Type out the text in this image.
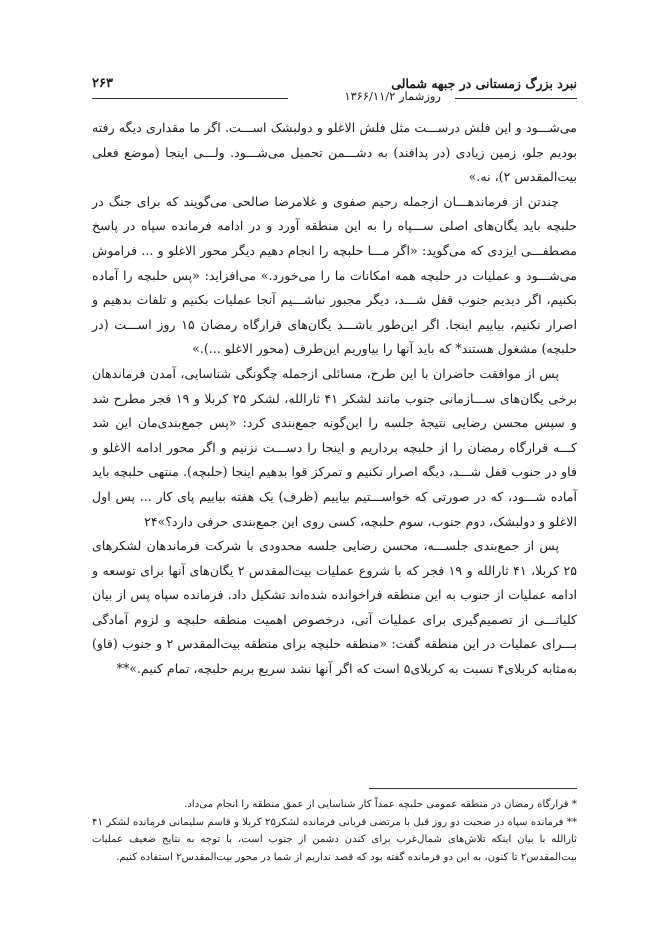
نبرد بزرگ زمستانی در جبهه شمالی
روزشمار ۱۳۶۶/۱۱/۲
۲۶۳

می‌شـــود و این فلش درســـت مثل فلش الاغلو و دولبشک اســـت. اگر ما مقداری دیگه رفته بودیم جلو، زمین زیادی (در پدافند) به دشـــمن تحمیل می‌شـــود. ولـــی اینجا (موضع فعلی بیت‌المقدس ۲)، نه.»

چندتن از فرماندهـــان ازجمله رحیم صفوی و غلامرضا صالحی می‌گویند که برای جنگ در حلبچه باید یگان‌های اصلی ســـپاه را به این منطقه آورد و در ادامه فرمانده سپاه در پاسخ مصطفـــی ایزدی که می‌گوید: «اگر مـــا حلبچه را انجام دهیم دیگر محور الاغلو و ... فراموش می‌شـــود و عملیات در حلبچه همه امکانات ما را می‌خورد.» می‌افزاید: «پس حلبچه را آماده بکنیم، اگر دیدیم جنوب قفل شـــد، دیگر مجبور نباشـــیم آنجا عملیات بکنیم و تلفات بدهیم و اصرار نکنیم، بیاییم اینجا. اگر این‌طور باشـــد یگان‌های قرارگاه رمضان ۱۵ روز اســـت (در حلبچه) مشغول هستند* که باید آنها را بیاوریم این‌طرف (محور الاغلو ...).»

پس از موافقت حاضران با این طرح، مسائلی ازجمله چگونگی شناسایی، آمدن فرماندهان برخی یگان‌های ســـازمانی جنوب مانند لشکر ۴۱ ثارالله، لشکر ۲۵ کربلا و ۱۹ فجر مطرح شد و سپس محسن رضایی نتیجهٔ جلسه را این‌گونه جمع‌بندی کرد: «پس جمع‌بندی‌مان این شد کـــه قرارگاه رمضان را از حلبچه برداریم و اینجا را دســـت نزنیم و اگر محور ادامه الاغلو و فاو در جنوب قفل شـــد، دیگه اصرار نکنیم و تمرکز قوا بدهیم اینجا (حلبچه). منتهی حلبچه باید آماده شـــود، که در صورتی که خواســـتیم بیاییم (ظرف) یک هفته بیاییم پای کار ... پس اول الاغلو و دولبشک، دوم جنوب، سوم حلبچه، کسی روی این جمع‌بندی حرفی دارد؟»۲۴

پس از جمع‌بندی جلســـه، محسن رضایی جلسه محدودی با شرکت فرماندهان لشکرهای ۲۵ کربلا، ۴۱ ثارالله و ۱۹ فجر که با شروع عملیات بیت‌المقدس ۲ یگان‌های آنها برای توسعه و ادامه عملیات از جنوب به این منطقه فراخوانده شده‌اند تشکیل داد. فرمانده سپاه پس از بیان کلیاتـــی از تصمیم‌گیری برای عملیات آتی، درخصوص اهمیت منطقه حلبچه و لزوم آمادگی بـــرای عملیات در این منطقه گفت: «منطقه حلبچه برای منطقه بیت‌المقدس ۲ و جنوب (فاو) به‌مثابه کربلای۴ نسبت به کربلای۵ است که اگر آنها نشد سریع بریم حلبچه، تمام کنیم.»**

* قرارگاه رمضان در منطقه عمومی حلبچه عمداً کار شناسایی از عمق منطقه را انجام می‌داد.

** فرمانده سپاه در صحبت دو روز قبل با مرتضی قربانی فرمانده لشکر۲۵ کربلا و قاسم سلیمانی فرمانده لشکر ۴۱ ثارالله با بیان اینکه تلاش‌های شمال‌غرب برای کندن دشمن از جنوب است، با توجه به نتایج ضعیف عملیات بیت‌المقدس۲ تا کنون، به این دو فرمانده گفته بود که قصد نداریم از شما در محور بیت‌المقدس۲ استفاده کنیم.
